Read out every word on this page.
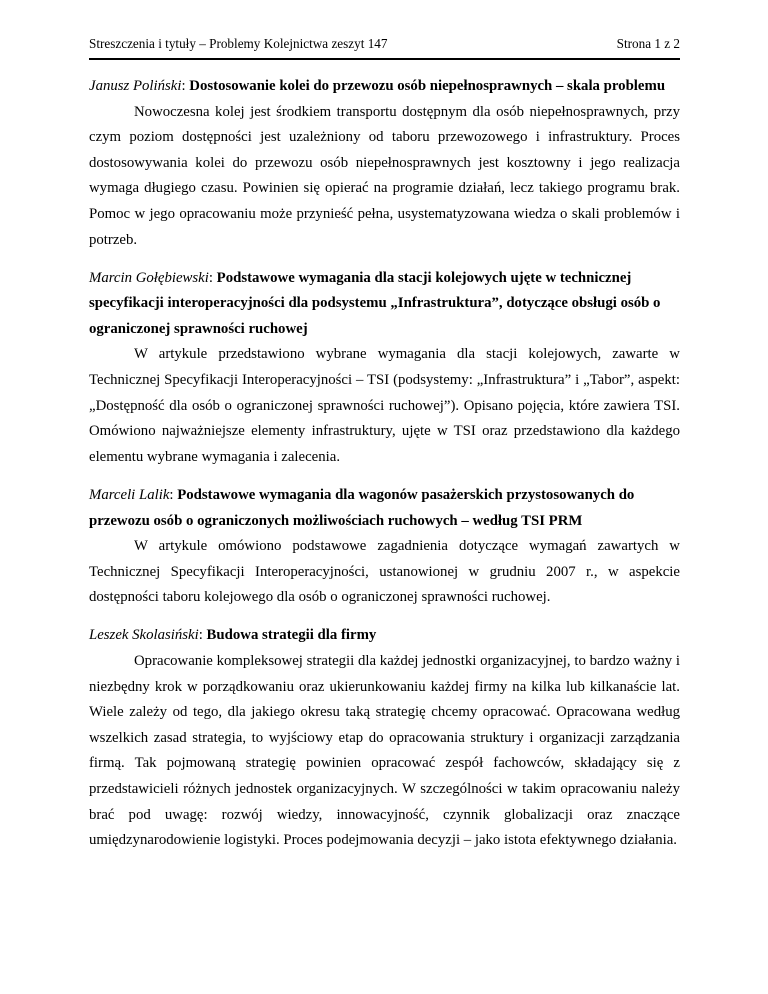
Streszczenia i tytuły – Problemy Kolejnictwa zeszyt 147	Strona 1 z 2

Janusz Poliński: Dostosowanie kolei do przewozu osób niepełnosprawnych – skala problemu

Nowoczesna kolej jest środkiem transportu dostępnym dla osób niepełnosprawnych, przy czym poziom dostępności jest uzależniony od taboru przewozowego i infrastruktury. Proces dostosowywania kolei do przewozu osób niepełnosprawnych jest kosztowny i jego realizacja wymaga długiego czasu. Powinien się opierać na programie działań, lecz takiego programu brak. Pomoc w jego opracowaniu może przynieść pełna, usystematyzowana wiedza o skali problemów i potrzeb.

Marcin Gołębiewski: Podstawowe wymagania dla stacji kolejowych ujęte w technicznej specyfikacji interoperacyjności dla podsystemu „Infrastruktura”, dotyczące obsługi osób o ograniczonej sprawności ruchowej

W artykule przedstawiono wybrane wymagania dla stacji kolejowych, zawarte w Technicznej Specyfikacji Interoperacyjności – TSI (podsystemy: „Infrastruktura” i „Tabor”, aspekt: „Dostępność dla osób o ograniczonej sprawności ruchowej”). Opisano pojęcia, które zawiera TSI. Omówiono najważniejsze elementy infrastruktury, ujęte w TSI oraz przedstawiono dla każdego elementu wybrane wymagania i zalecenia.

Marceli Lalik: Podstawowe wymagania dla wagonów pasażerskich przystosowanych do przewozu osób o ograniczonych możliwościach ruchowych – według TSI PRM

W artykule omówiono podstawowe zagadnienia dotyczące wymagań zawartych w Technicznej Specyfikacji Interoperacyjności, ustanowionej w grudniu 2007 r., w aspekcie dostępności taboru kolejowego dla osób o ograniczonej sprawności ruchowej.

Leszek Skolasiński: Budowa strategii dla firmy

Opracowanie kompleksowej strategii dla każdej jednostki organizacyjnej, to bardzo ważny i niezbędny krok w porządkowaniu oraz ukierunkowaniu każdej firmy na kilka lub kilkanaście lat. Wiele zależy od tego, dla jakiego okresu taką strategię chcemy opracować. Opracowana według wszelkich zasad strategia, to wyjściowy etap do opracowania struktury i organizacji zarządzania firmą. Tak pojmowaną strategię powinien opracować zespół fachowców, składający się z przedstawicieli różnych jednostek organizacyjnych. W szczególności w takim opracowaniu należy brać pod uwagę: rozwój wiedzy, innowacyjność, czynnik globalizacji oraz znaczące umiędzynarodowienie logistyki. Proces podejmowania decyzji – jako istota efektywnego działania.
